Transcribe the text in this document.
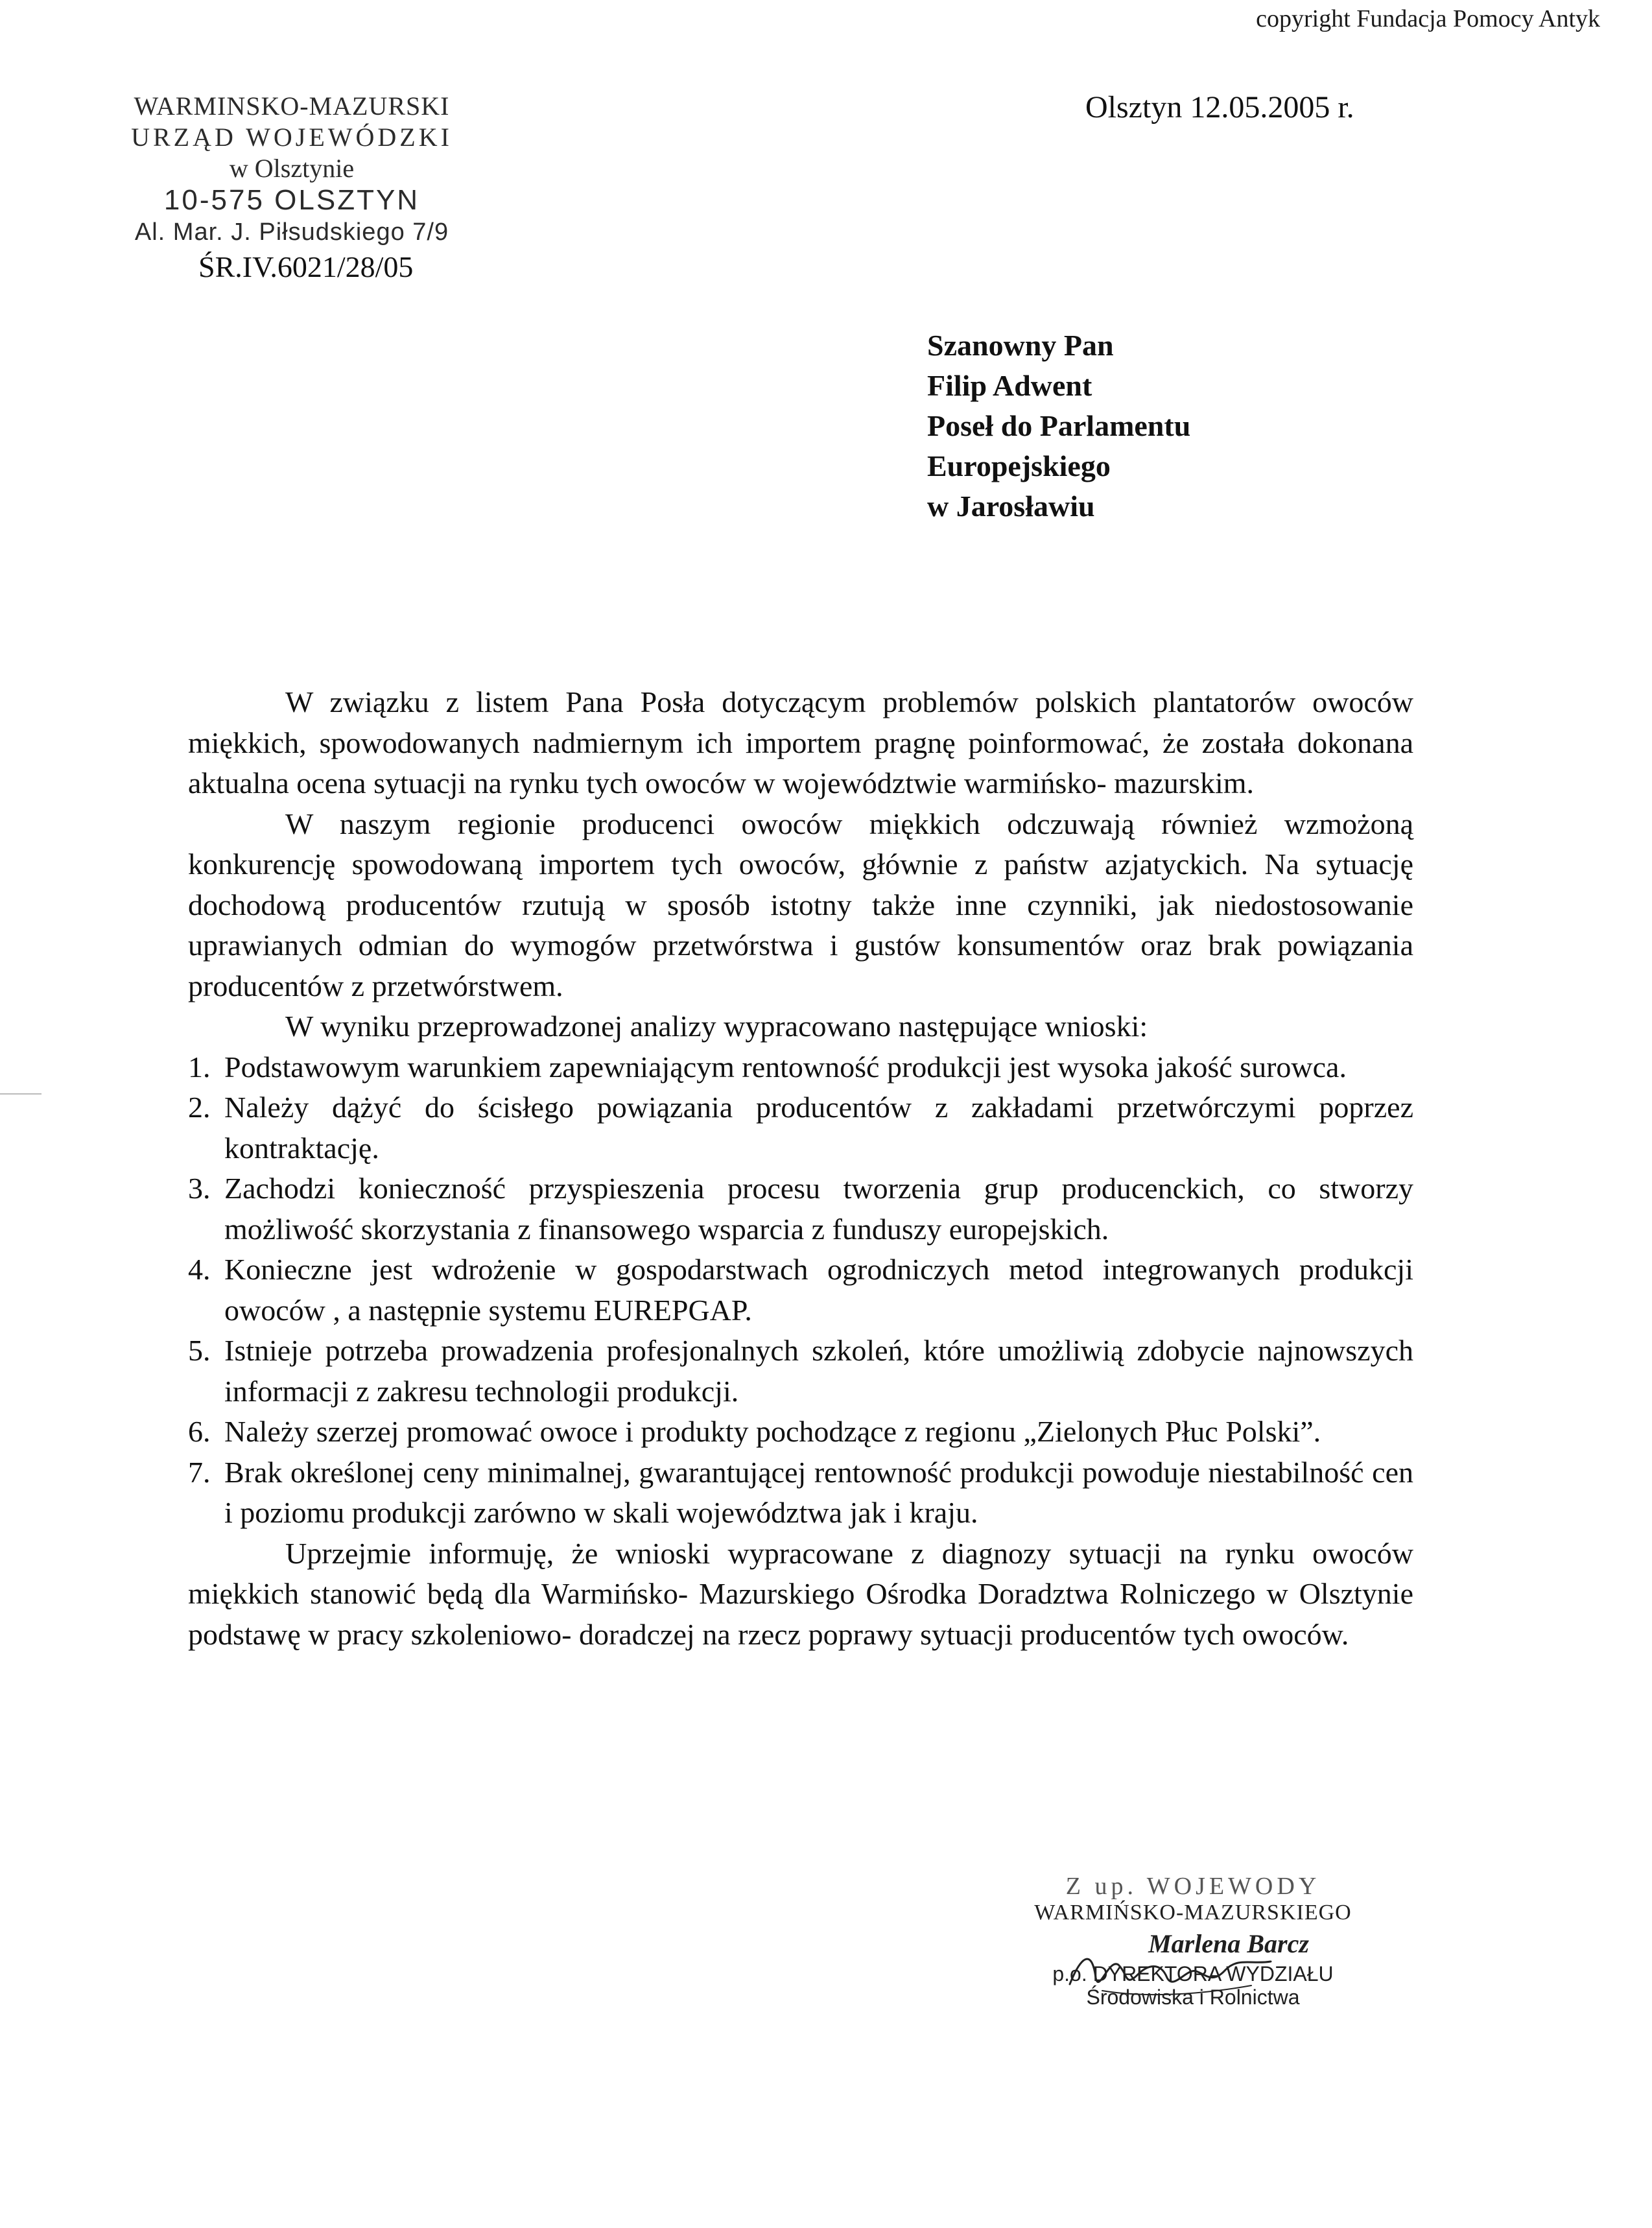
copyright Fundacja Pomocy Antyk
WARMINSKO-MAZURSKI
URZĄD WOJEWÓDZKI
w Olsztynie
10-575 OLSZTYN
Al. Mar. J. Piłsudskiego 7/9
ŚR.IV.6021/28/05
Olsztyn 12.05.2005 r.
Szanowny Pan
Filip Adwent
Poseł do Parlamentu
Europejskiego
w Jarosławiu

W związku z listem Pana Posła dotyczącym problemów polskich plantatorów owoców miękkich, spowodowanych nadmiernym ich importem pragnę poinformować, że została dokonana aktualna ocena sytuacji na rynku tych owoców w województwie warmińsko- mazurskim.

W naszym regionie producenci owoców miękkich odczuwają również wzmożoną konkurencję spowodowaną importem tych owoców, głównie z państw azjatyckich. Na sytuację dochodową producentów rzutują w sposób istotny także inne czynniki, jak niedostosowanie uprawianych odmian do wymogów przetwórstwa i gustów konsumentów oraz brak powiązania producentów z przetwórstwem.

W wyniku przeprowadzonej analizy wypracowano następujące wnioski:

1. Podstawowym warunkiem zapewniającym rentowność produkcji jest wysoka jakość surowca.
2. Należy dążyć do ścisłego powiązania producentów z zakładami przetwórczymi poprzez kontraktację.
3. Zachodzi konieczność przyspieszenia procesu tworzenia grup producenckich, co stworzy możliwość skorzystania z finansowego wsparcia z funduszy europejskich.
4. Konieczne jest wdrożenie w gospodarstwach ogrodniczych metod integrowanych produkcji owoców , a następnie systemu EUREPGAP.
5. Istnieje potrzeba prowadzenia profesjonalnych szkoleń, które umożliwią zdobycie najnowszych informacji z zakresu technologii produkcji.
6. Należy szerzej promować owoce i produkty pochodzące z regionu „Zielonych Płuc Polski”.
7. Brak określonej ceny minimalnej, gwarantującej rentowność produkcji powoduje niestabilność cen i poziomu produkcji zarówno w skali województwa jak i kraju.

Uprzejmie informuję, że wnioski wypracowane z diagnozy sytuacji na rynku owoców miękkich stanowić będą dla Warmińsko- Mazurskiego Ośrodka Doradztwa Rolniczego w Olsztynie podstawę w pracy szkoleniowo- doradczej na rzecz poprawy sytuacji producentów tych owoców.

Z up. WOJEWODY
WARMIŃSKO-MAZURSKIEGO
Marlena Barcz
p.o. DYREKTORA WYDZIAŁU
Środowiska i Rolnictwa
